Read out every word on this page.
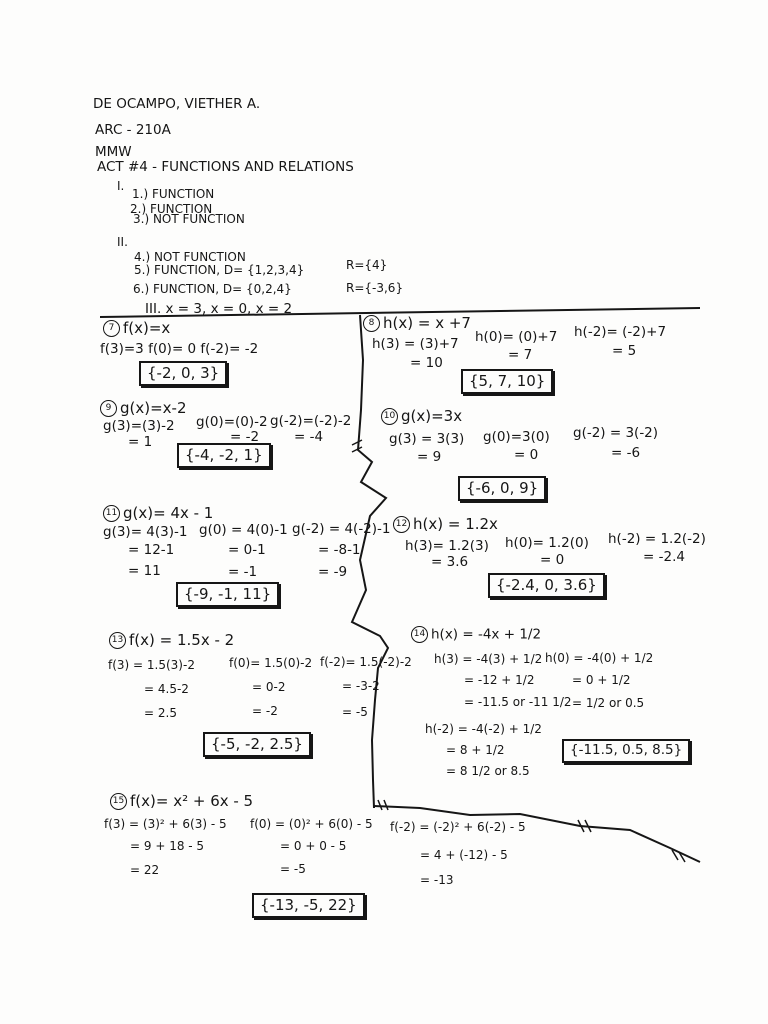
DE OCAMPO, VIETHER A.
ARC - 210A
MMW
ACT #4 - FUNCTIONS AND RELATIONS
I.
1.) FUNCTION
2.) FUNCTION
3.) NOT FUNCTION
II.
4.) NOT FUNCTION
5.) FUNCTION, D= {1,2,3,4}	R={4}
6.) FUNCTION, D= {0,2,4}	R={-3,6}
III. x = 3, x = 0, x = 2
7 f(x)=x
f(3)=3 f(0)= 0 f(-2)= -2
{-2, 0, 3}
8 h(x) = x +7
h(3) = (3)+7
= 10
h(0)= (0)+7
= 7
h(-2)= (-2)+7
= 5
{5, 7, 10}
9 g(x)=x-2
g(3)=(3)-2
= 1
g(0)=(0)-2
= -2
g(-2)=(-2)-2
= -4
{-4, -2, 1}
10 g(x)=3x
g(3) = 3(3)
= 9
g(0)=3(0)
= 0
g(-2) = 3(-2)
= -6
{-6, 0, 9}
11 g(x)= 4x - 1
g(3)= 4(3)-1
= 12-1
= 11
g(0) = 4(0)-1
= 0-1
= -1
g(-2) = 4(-2)-1
= -8-1
= -9
{-9, -1, 11}
12 h(x) = 1.2x
h(3)= 1.2(3)
= 3.6
h(0)= 1.2(0)
= 0
h(-2) = 1.2(-2)
= -2.4
{-2.4, 0, 3.6}
13 f(x) = 1.5x - 2
f(3) = 1.5(3)-2
= 4.5-2
= 2.5
f(0)= 1.5(0)-2
= 0-2
= -2
f(-2)= 1.5(-2)-2
= -3-2
= -5
{-5, -2, 2.5}
14 h(x) = -4x + 1/2
h(3) = -4(3) + 1/2
= -12 + 1/2
= -11.5 or -11 1/2
h(0) = -4(0) + 1/2
= 0 + 1/2
= 1/2 or 0.5
h(-2) = -4(-2) + 1/2
= 8 + 1/2
= 8 1/2 or 8.5
{-11.5, 0.5, 8.5}
15 f(x)= x² + 6x - 5
f(3) = (3)² + 6(3) - 5
= 9 + 18 - 5
= 22
f(0) = (0)² + 6(0) - 5
= 0 + 0 - 5
= -5
f(-2) = (-2)² + 6(-2) - 5
= 4 + (-12) - 5
= -13
{-13, -5, 22}
